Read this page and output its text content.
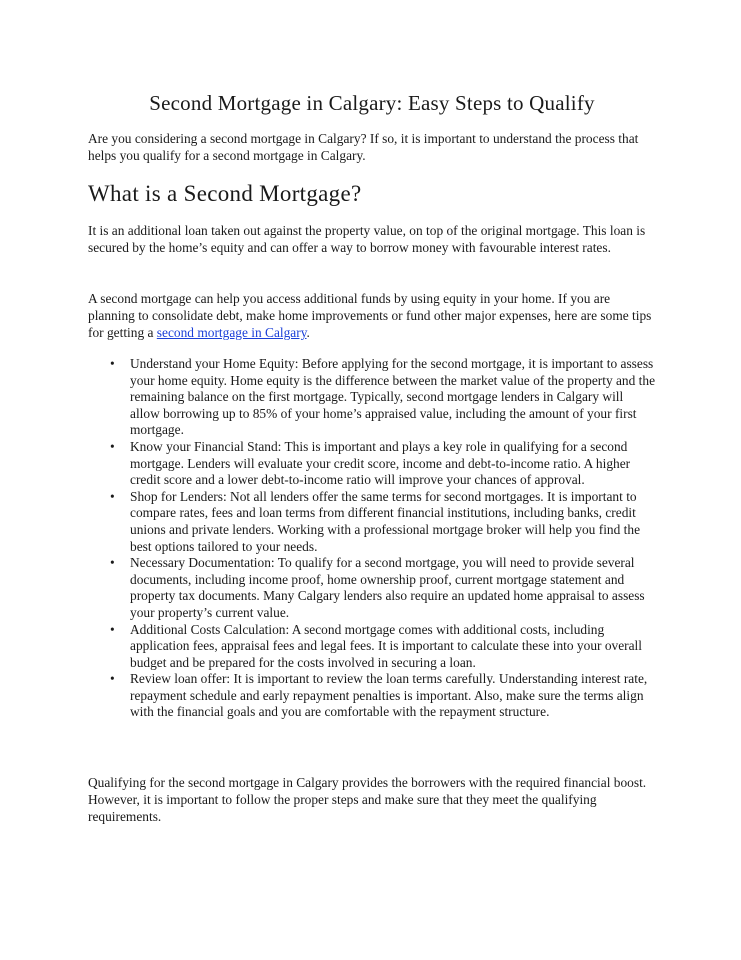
Second Mortgage in Calgary: Easy Steps to Qualify

Are you considering a second mortgage in Calgary? If so, it is important to understand the process that helps you qualify for a second mortgage in Calgary.

What is a Second Mortgage?

It is an additional loan taken out against the property value, on top of the original mortgage. This loan is secured by the home’s equity and can offer a way to borrow money with favourable interest rates.

A second mortgage can help you access additional funds by using equity in your home. If you are planning to consolidate debt, make home improvements or fund other major expenses, here are some tips for getting a second mortgage in Calgary.

• Understand your Home Equity: Before applying for the second mortgage, it is important to assess your home equity. Home equity is the difference between the market value of the property and the remaining balance on the first mortgage. Typically, second mortgage lenders in Calgary will allow borrowing up to 85% of your home’s appraised value, including the amount of your first mortgage.
• Know your Financial Stand: This is important and plays a key role in qualifying for a second mortgage. Lenders will evaluate your credit score, income and debt-to-income ratio. A higher credit score and a lower debt-to-income ratio will improve your chances of approval.
• Shop for Lenders: Not all lenders offer the same terms for second mortgages. It is important to compare rates, fees and loan terms from different financial institutions, including banks, credit unions and private lenders. Working with a professional mortgage broker will help you find the best options tailored to your needs.
• Necessary Documentation: To qualify for a second mortgage, you will need to provide several documents, including income proof, home ownership proof, current mortgage statement and property tax documents. Many Calgary lenders also require an updated home appraisal to assess your property’s current value.
• Additional Costs Calculation: A second mortgage comes with additional costs, including application fees, appraisal fees and legal fees. It is important to calculate these into your overall budget and be prepared for the costs involved in securing a loan.
• Review loan offer: It is important to review the loan terms carefully. Understanding interest rate, repayment schedule and early repayment penalties is important. Also, make sure the terms align with the financial goals and you are comfortable with the repayment structure.

Qualifying for the second mortgage in Calgary provides the borrowers with the required financial boost. However, it is important to follow the proper steps and make sure that they meet the qualifying requirements.
